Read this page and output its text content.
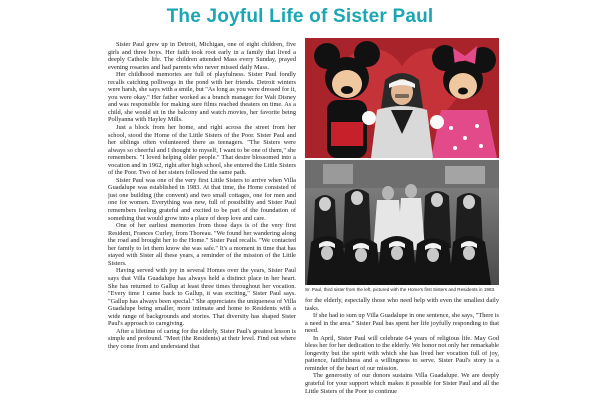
The Joyful Life of Sister Paul

Sister Paul grew up in Detroit, Michigan, one of eight children, five girls and three boys. Her faith took root early in a family that lived a deeply Catholic life. The children attended Mass every Sunday, prayed evening rosaries and had parents who never missed daily Mass.

Her childhood memories are full of playfulness. Sister Paul fondly recalls catching polliwogs in the pond with her friends. Detroit winters were harsh, she says with a smile, but "As long as you were dressed for it, you were okay." Her father worked as a branch manager for Walt Disney and was responsible for making sure films reached theaters on time. As a child, she would sit in the balcony and watch movies, her favorite being Pollyanna with Hayley Mills.

Just a block from her home, and right across the street from her school, stood the Home of the Little Sisters of the Poor. Sister Paul and her siblings often volunteered there as teenagers. "The Sisters were always so cheerful and I thought to myself, I want to be one of them," she remembers. "I loved helping older people." That desire blossomed into a vocation and in 1962, right after high school, she entered the Little Sisters of the Poor. Two of her sisters followed the same path.

Sister Paul was one of the very first Little Sisters to arrive when Villa Guadalupe was established in 1983. At that time, the Home consisted of just one building (the convent) and two small cottages, one for men and one for women. Everything was new, full of possibility and Sister Paul remembers feeling grateful and excited to be part of the foundation of something that would grow into a place of deep love and care.

One of her earliest memories from those days is of the very first Resident, Frances Curley, from Thoreau. "We found her wandering along the road and brought her to the Home." Sister Paul recalls. "We contacted her family to let them know she was safe." It's a moment in time that has stayed with Sister all these years, a reminder of the mission of the Little Sisters.

Having served with joy in several Homes over the years, Sister Paul says that Villa Guadalupe has always held a distinct place in her heart. She has returned to Gallup at least three times throughout her vocation. "Every time I came back to Gallup, it was exciting," Sister Paul says. "Gallup has always been special." She appreciates the uniqueness of Villa Guadalupe being smaller, more intimate and home to Residents with a wide range of backgrounds and stories. That diversity has shaped Sister Paul's approach to caregiving.

After a lifetime of caring for the elderly, Sister Paul's greatest lesson is simple and profound. "Meet (the Residents) at their level. Find out where they come from and understand that

Sr. Paul, third sister from the left, pictured with the Home's first Sisters and Residents in 1983.

for the elderly, especially those who need help with even the smallest daily tasks.

If she had to sum up Villa Guadalupe in one sentence, she says, "There is a need in the area." Sister Paul has spent her life joyfully responding to that need.

In April, Sister Paul will celebrate 64 years of religious life. May God bless her for her dedication to the elderly. We honor not only her remarkable longevity but the spirit with which she has lived her vocation full of joy, patience, faithfulness and a willingness to serve. Sister Paul's story is a reminder of the heart of our mission.

The generosity of our donors sustains Villa Guadalupe. We are deeply grateful for your support which makes it possible for Sister Paul and all the Little Sisters of the Poor to continue
